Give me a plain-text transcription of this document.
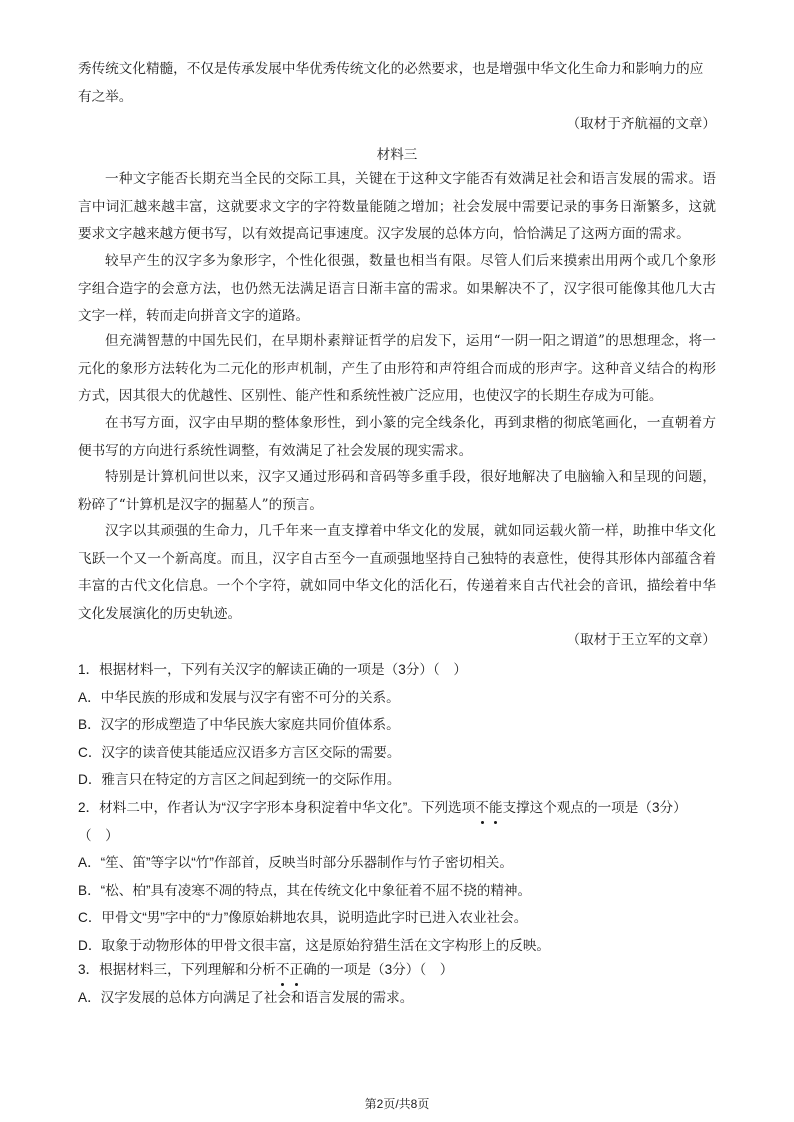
秀传统文化精髓，不仅是传承发展中华优秀传统文化的必然要求，也是增强中华文化生命力和影响力的应
有之举。

（取材于齐航福的文章）
材料三

一种文字能否长期充当全民的交际工具，关键在于这种文字能否有效满足社会和语言发展的需求。语言中词汇越来越丰富，这就要求文字的字符数量能随之增加；社会发展中需要记录的事务日渐繁多，这就要求文字越来越方便书写，以有效提高记事速度。汉字发展的总体方向，恰恰满足了这两方面的需求。

较早产生的汉字多为象形字，个性化很强，数量也相当有限。尽管人们后来摸索出用两个或几个象形字组合造字的会意方法，也仍然无法满足语言日渐丰富的需求。如果解决不了，汉字很可能像其他几大古文字一样，转而走向拼音文字的道路。

但充满智慧的中国先民们，在早期朴素辩证哲学的启发下，运用“一阴一阳之谓道”的思想理念，将一元化的象形方法转化为二元化的形声机制，产生了由形符和声符组合而成的形声字。这种音义结合的构形方式，因其很大的优越性、区别性、能产性和系统性被广泛应用，也使汉字的长期生存成为可能。

在书写方面，汉字由早期的整体象形性，到小篆的完全线条化，再到隶楷的彻底笔画化，一直朝着方便书写的方向进行系统性调整，有效满足了社会发展的现实需求。

特别是计算机问世以来，汉字又通过形码和音码等多重手段，很好地解决了电脑输入和呈现的问题，粉碎了“计算机是汉字的掘墓人”的预言。

汉字以其顽强的生命力，几千年来一直支撑着中华文化的发展，就如同运载火箭一样，助推中华文化飞跃一个又一个新高度。而且，汉字自古至今一直顽强地坚持自己独特的表意性，使得其形体内部蕴含着丰富的古代文化信息。一个个字符，就如同中华文化的活化石，传递着来自古代社会的音讯，描绘着中华文化发展演化的历史轨迹。

（取材于王立军的文章）
1．根据材料一，下列有关汉字的解读正确的一项是（3分）（　）
A．中华民族的形成和发展与汉字有密不可分的关系。
B．汉字的形成塑造了中华民族大家庭共同价值体系。
C．汉字的读音使其能适应汉语多方言区交际的需要。
D．雅言只在特定的方言区之间起到统一的交际作用。
2．材料二中，作者认为“汉字字形本身积淀着中华文化”。下列选项不能支撑这个观点的一项是（3分）
（　）
A．“笙、笛”等字以“竹”作部首，反映当时部分乐器制作与竹子密切相关。
B．“松、柏”具有凌寒不凋的特点，其在传统文化中象征着不屈不挠的精神。
C．甲骨文“男”字中的“力”像原始耕地农具，说明造此字时已进入农业社会。
D．取象于动物形体的甲骨文很丰富，这是原始狩猎生活在文字构形上的反映。
3．根据材料三，下列理解和分析不正确的一项是（3分）（　）
A．汉字发展的总体方向满足了社会和语言发展的需求。
第2页/共8页
